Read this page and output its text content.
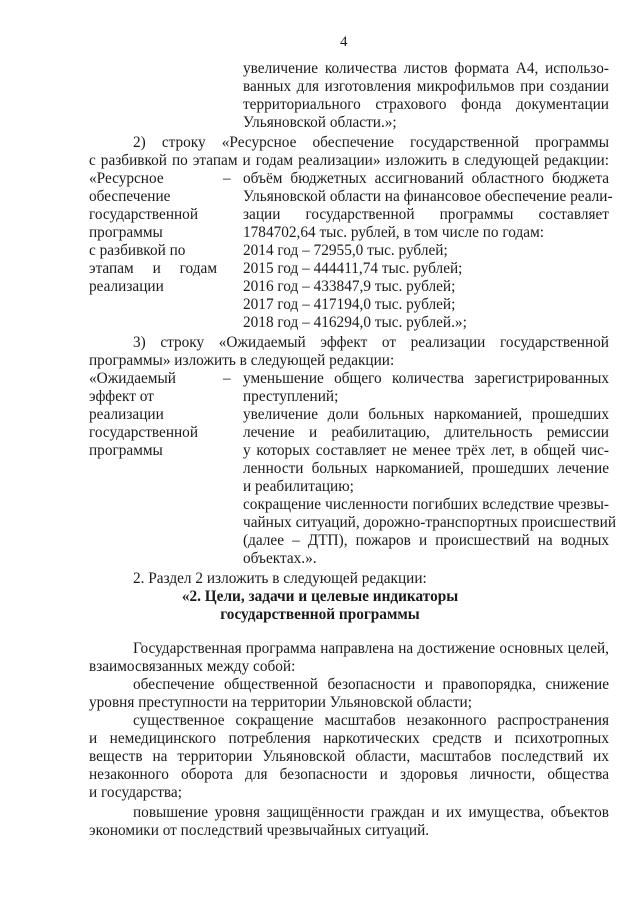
4
увеличение количества листов формата А4, использо-
ванных для изготовления микрофильмов при создании
территориального страхового фонда документации
Ульяновской области.»;
2) строку «Ресурсное обеспечение государственной программы
с разбивкой по этапам и годам реализации» изложить в следующей редакции:
«Ресурсное
обеспечение
государственной
программы
с разбивкой по
этапам и годам
реализации
– объём бюджетных ассигнований областного бюджета
Ульяновской области на финансовое обеспечение реали-
зации государственной программы составляет
1784702,64 тыс. рублей, в том числе по годам:
2014 год – 72955,0 тыс. рублей;
2015 год – 444411,74 тыс. рублей;
2016 год – 433847,9 тыс. рублей;
2017 год – 417194,0 тыс. рублей;
2018 год – 416294,0 тыс. рублей.»;
3) строку «Ожидаемый эффект от реализации государственной
программы» изложить в следующей редакции:
«Ожидаемый
эффект от
реализации
государственной
программы
– уменьшение общего количества зарегистрированных
преступлений;
увеличение доли больных наркоманией, прошедших
лечение и реабилитацию, длительность ремиссии
у которых составляет не менее трёх лет, в общей чис-
ленности больных наркоманией, прошедших лечение
и реабилитацию;
сокращение численности погибших вследствие чрезвы-
чайных ситуаций, дорожно-транспортных происшествий
(далее – ДТП), пожаров и происшествий на водных
объектах.».
2. Раздел 2 изложить в следующей редакции:
«2. Цели, задачи и целевые индикаторы
государственной программы
Государственная программа направлена на достижение основных целей,
взаимосвязанных между собой:
обеспечение общественной безопасности и правопорядка, снижение
уровня преступности на территории Ульяновской области;
существенное сокращение масштабов незаконного распространения
и немедицинского потребления наркотических средств и психотропных
веществ на территории Ульяновской области, масштабов последствий их
незаконного оборота для безопасности и здоровья личности, общества
и государства;
повышение уровня защищённости граждан и их имущества, объектов
экономики от последствий чрезвычайных ситуаций.
